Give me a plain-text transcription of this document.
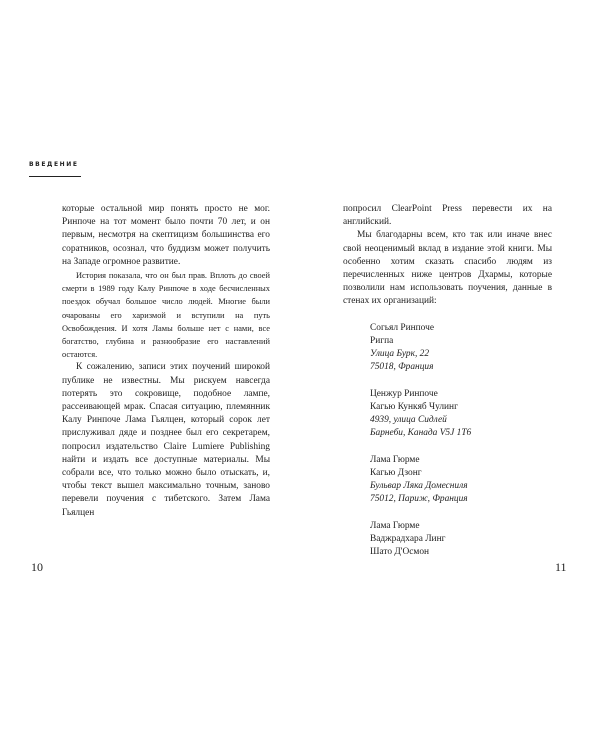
ВВЕДЕНИЕ

которые остальной мир понять просто не мог. Ринпоче на тот момент было почти 70 лет, и он первым, несмотря на скептицизм большинства его соратников, осознал, что буддизм может получить на Западе огромное развитие.

История показала, что он был прав. Вплоть до своей смерти в 1989 году Калу Ринпоче в ходе бесчисленных поездок обучал большое число людей. Многие были очарованы его харизмой и вступили на путь Освобождения. И хотя Ламы больше нет с нами, все богатство, глубина и разнообразие его наставлений остаются.

К сожалению, записи этих поучений широкой публике не известны. Мы рискуем навсегда потерять это сокровище, подобное лампе, рассеивающей мрак. Спасая ситуацию, племянник Калу Ринпоче Лама Гьялцен, который сорок лет прислуживал дяде и позднее был его секретарем, попросил издательство Claire Lumiere Publishing найти и издать все доступные материалы. Мы собрали все, что только можно было отыскать, и, чтобы текст вышел максимально точным, заново перевели поучения с тибетского. Затем Лама Гьялцен

попросил ClearPoint Press перевести их на английский.

Мы благодарны всем, кто так или иначе внес свой неоценимый вклад в издание этой книги. Мы особенно хотим сказать спасибо людям из перечисленных ниже центров Дхармы, которые позволили нам использовать поучения, данные в стенах их организаций:

Согьял Ринпоче
Ригпа
Улица Бурк, 22
75018, Франция
Ценжур Ринпоче
Кагью Кункяб Чулинг
4939, улица Сидлей
Барнеби, Канада V5J 1T6
Лама Гюрме
Кагью Дзонг
Бульвар Ляка Домесниля
75012, Париж, Франция
Лама Гюрме
Ваджрадхара Линг
Шато Д'Осмон
10	11
